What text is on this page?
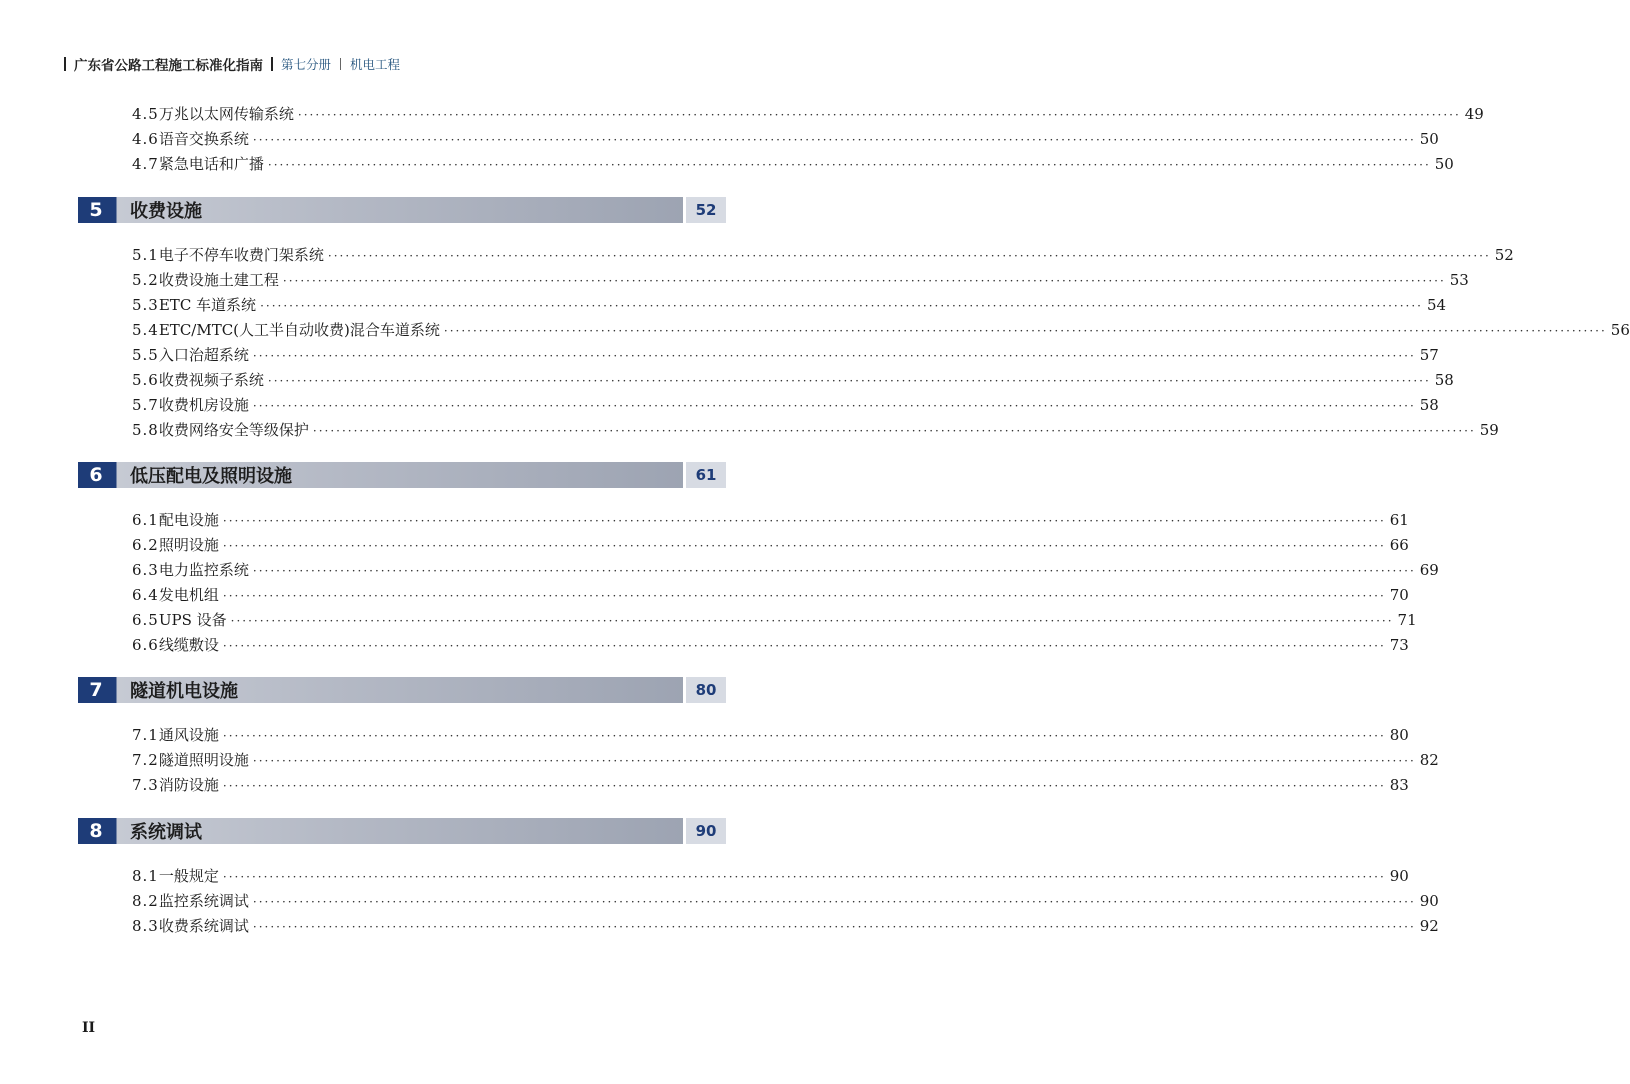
广东省公路工程施工标准化指南 第七分册 机电工程
4.5 万兆以太网传输系统 ········································································································································································································ 49
4.6 语音交换系统 ········································································································································································································ 50
4.7 紧急电话和广播 ········································································································································································································ 50
5	收费设施	52
5.1 电子不停车收费门架系统 ········································································································································································································ 52
5.2 收费设施土建工程 ········································································································································································································ 53
5.3 ETC 车道系统 ········································································································································································································ 54
5.4 ETC/MTC(人工半自动收费)混合车道系统 ········································································································································································································ 56
5.5 入口治超系统 ········································································································································································································ 57
5.6 收费视频子系统 ········································································································································································································ 58
5.7 收费机房设施 ········································································································································································································ 58
5.8 收费网络安全等级保护 ········································································································································································································ 59
6	低压配电及照明设施	61
6.1 配电设施 ········································································································································································································ 61
6.2 照明设施 ········································································································································································································ 66
6.3 电力监控系统 ········································································································································································································ 69
6.4 发电机组 ········································································································································································································ 70
6.5 UPS 设备 ········································································································································································································ 71
6.6 线缆敷设 ········································································································································································································ 73
7	隧道机电设施	80
7.1 通风设施 ········································································································································································································ 80
7.2 隧道照明设施 ········································································································································································································ 82
7.3 消防设施 ········································································································································································································ 83
8	系统调试	90
8.1 一般规定 ········································································································································································································ 90
8.2 监控系统调试 ········································································································································································································ 90
8.3 收费系统调试 ········································································································································································································ 92
II
